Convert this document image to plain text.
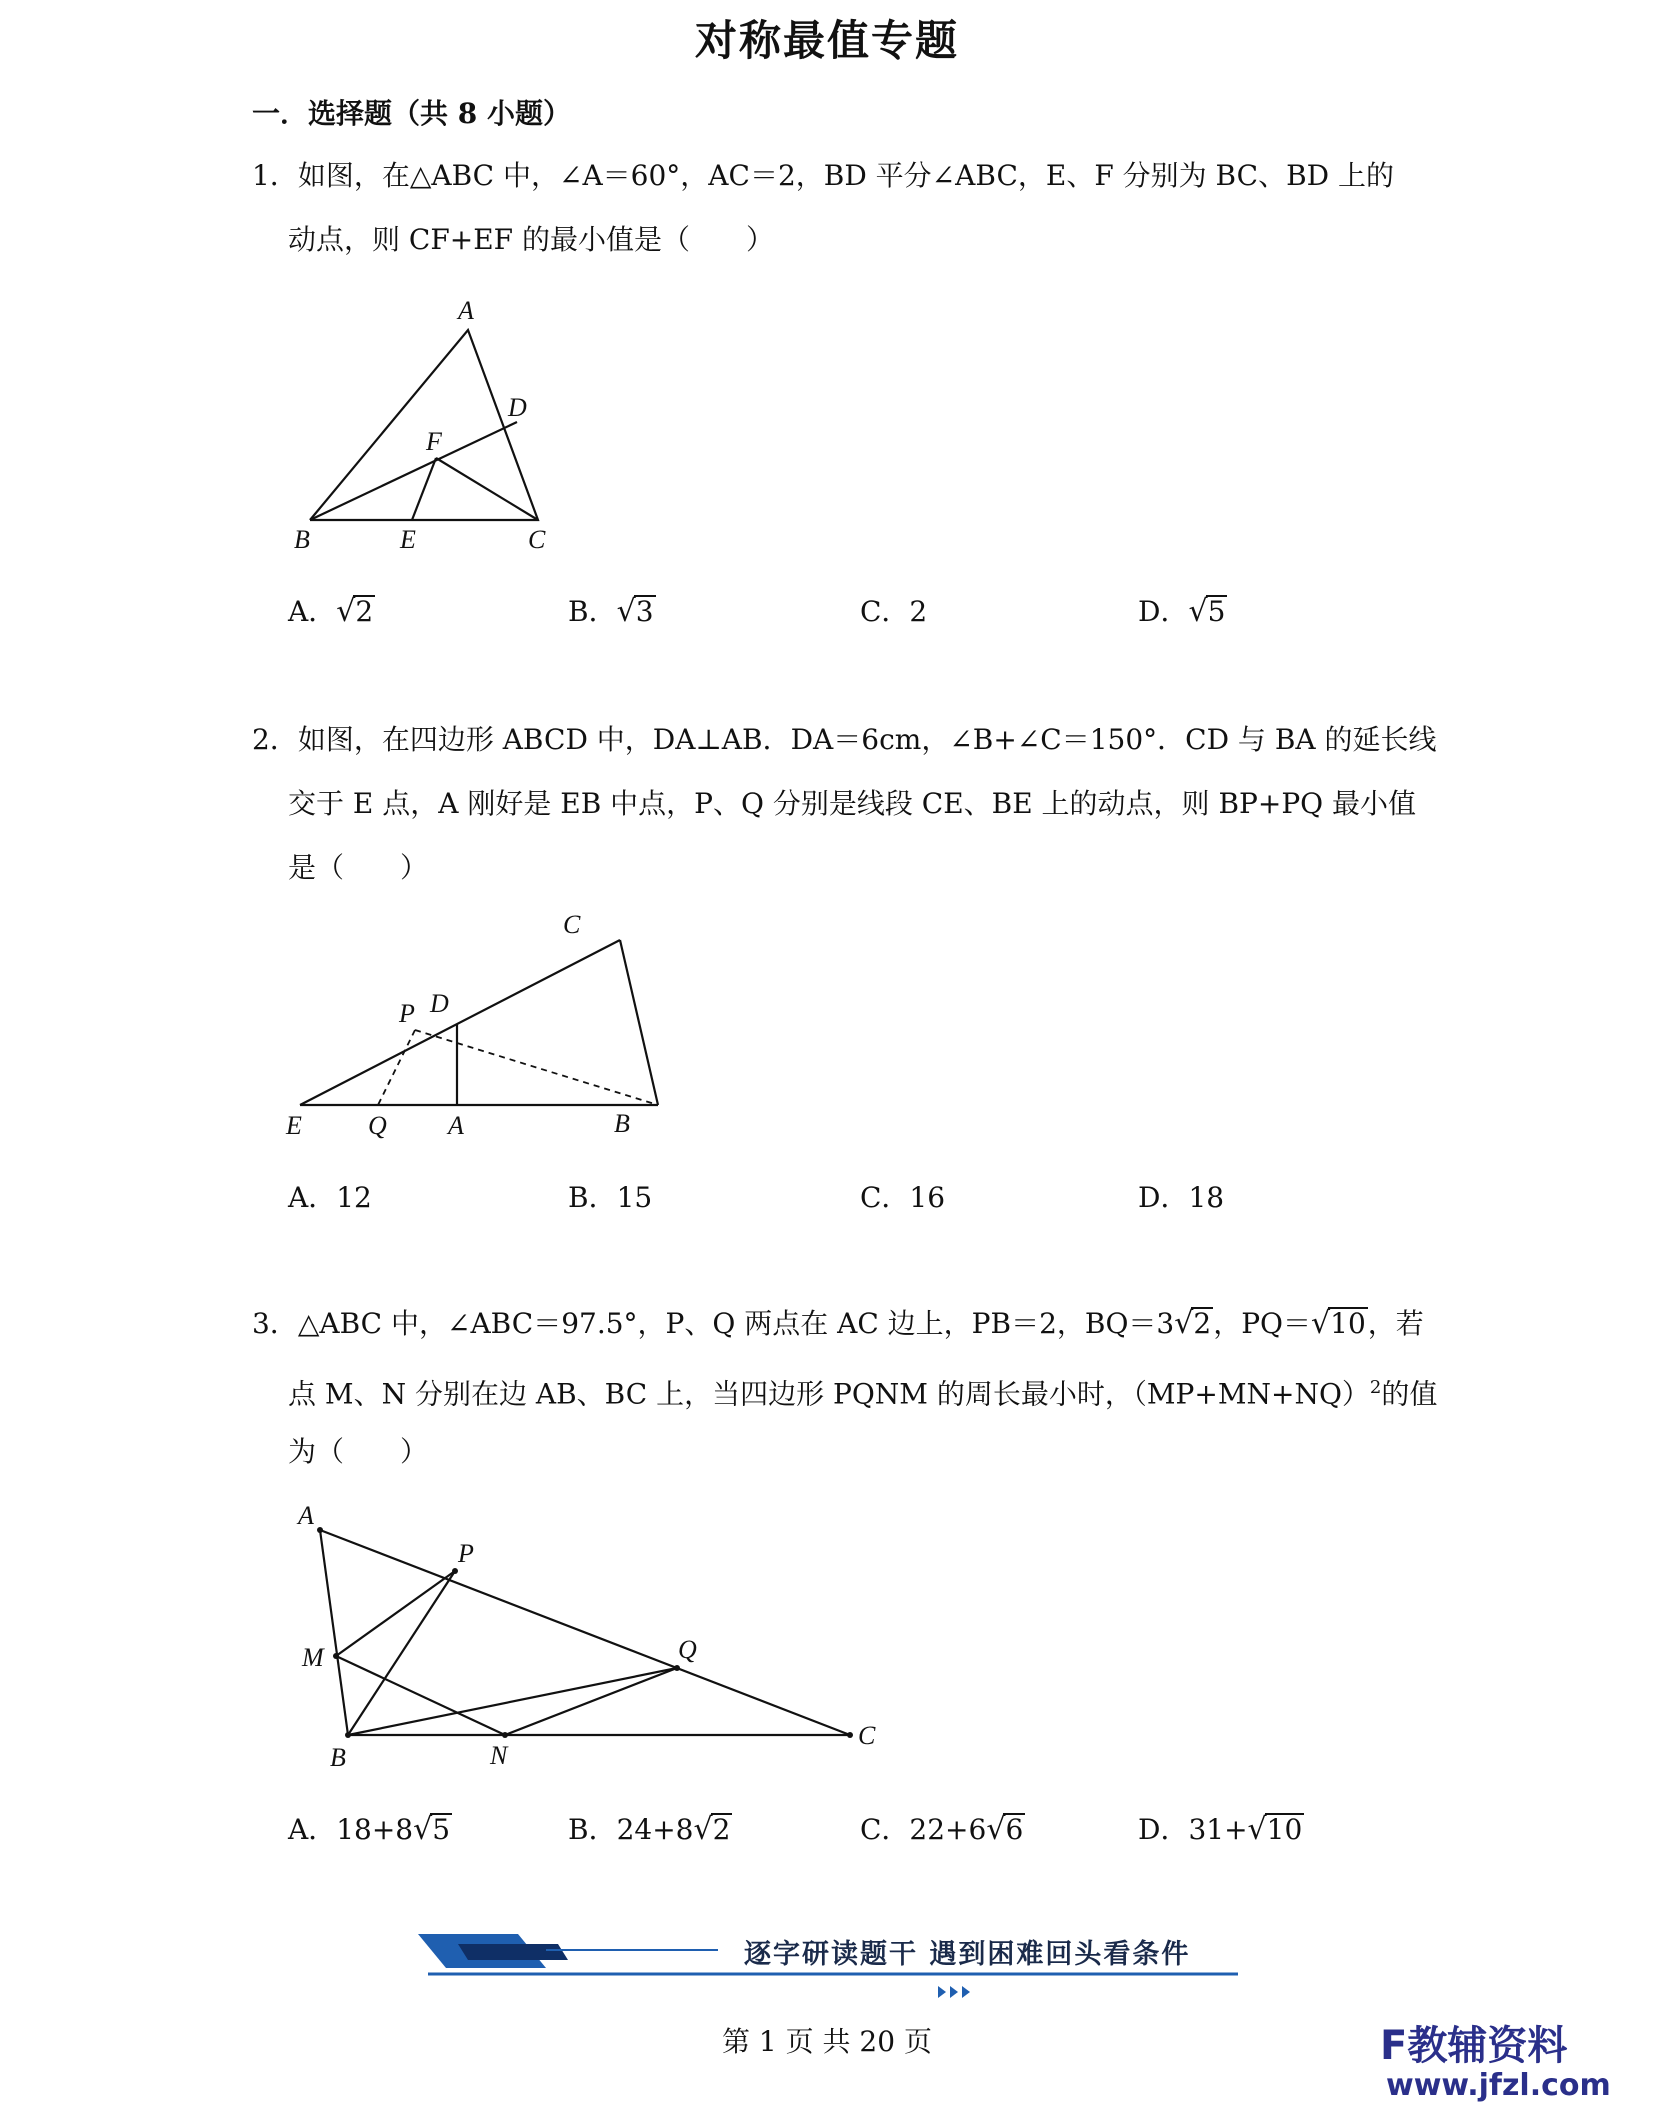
对称最值专题
一．选择题（共 8 小题）
1．如图，在△ABC 中，∠A＝60°，AC＝2，BD 平分∠ABC，E、F 分别为 BC、BD 上的
动点，则 CF+EF 的最小值是（　　）
A
B	C
D
E
F
A．√2	B．√3	C．2	D．√5
2．如图，在四边形 ABCD 中，DA⊥AB．DA＝6cm，∠B+∠C＝150°．CD 与 BA 的延长线
交于 E 点，A 刚好是 EB 中点，P、Q 分别是线段 CE、BE 上的动点，则 BP+PQ 最小值
是（　　）
C
D
P
E	Q A	B
A．12	B．15	C．16	D．18
3．△ABC 中，∠ABC＝97.5°，P、Q 两点在 AC 边上，PB＝2，BQ＝3√2，PQ＝√10，若
点 M、N 分别在边 AB、BC 上，当四边形 PQNM 的周长最小时，$(MP+MN+NQ)^2$的值
为（　　）
A
P
M	Q
B	N
C
A．18+8√5	B．24+8√2	C．22+6√6	D．31+√10
逐字研读题干 遇到困难回头看条件
第 1 页 共 20 页	F教辅资料
www.jfzl.com
